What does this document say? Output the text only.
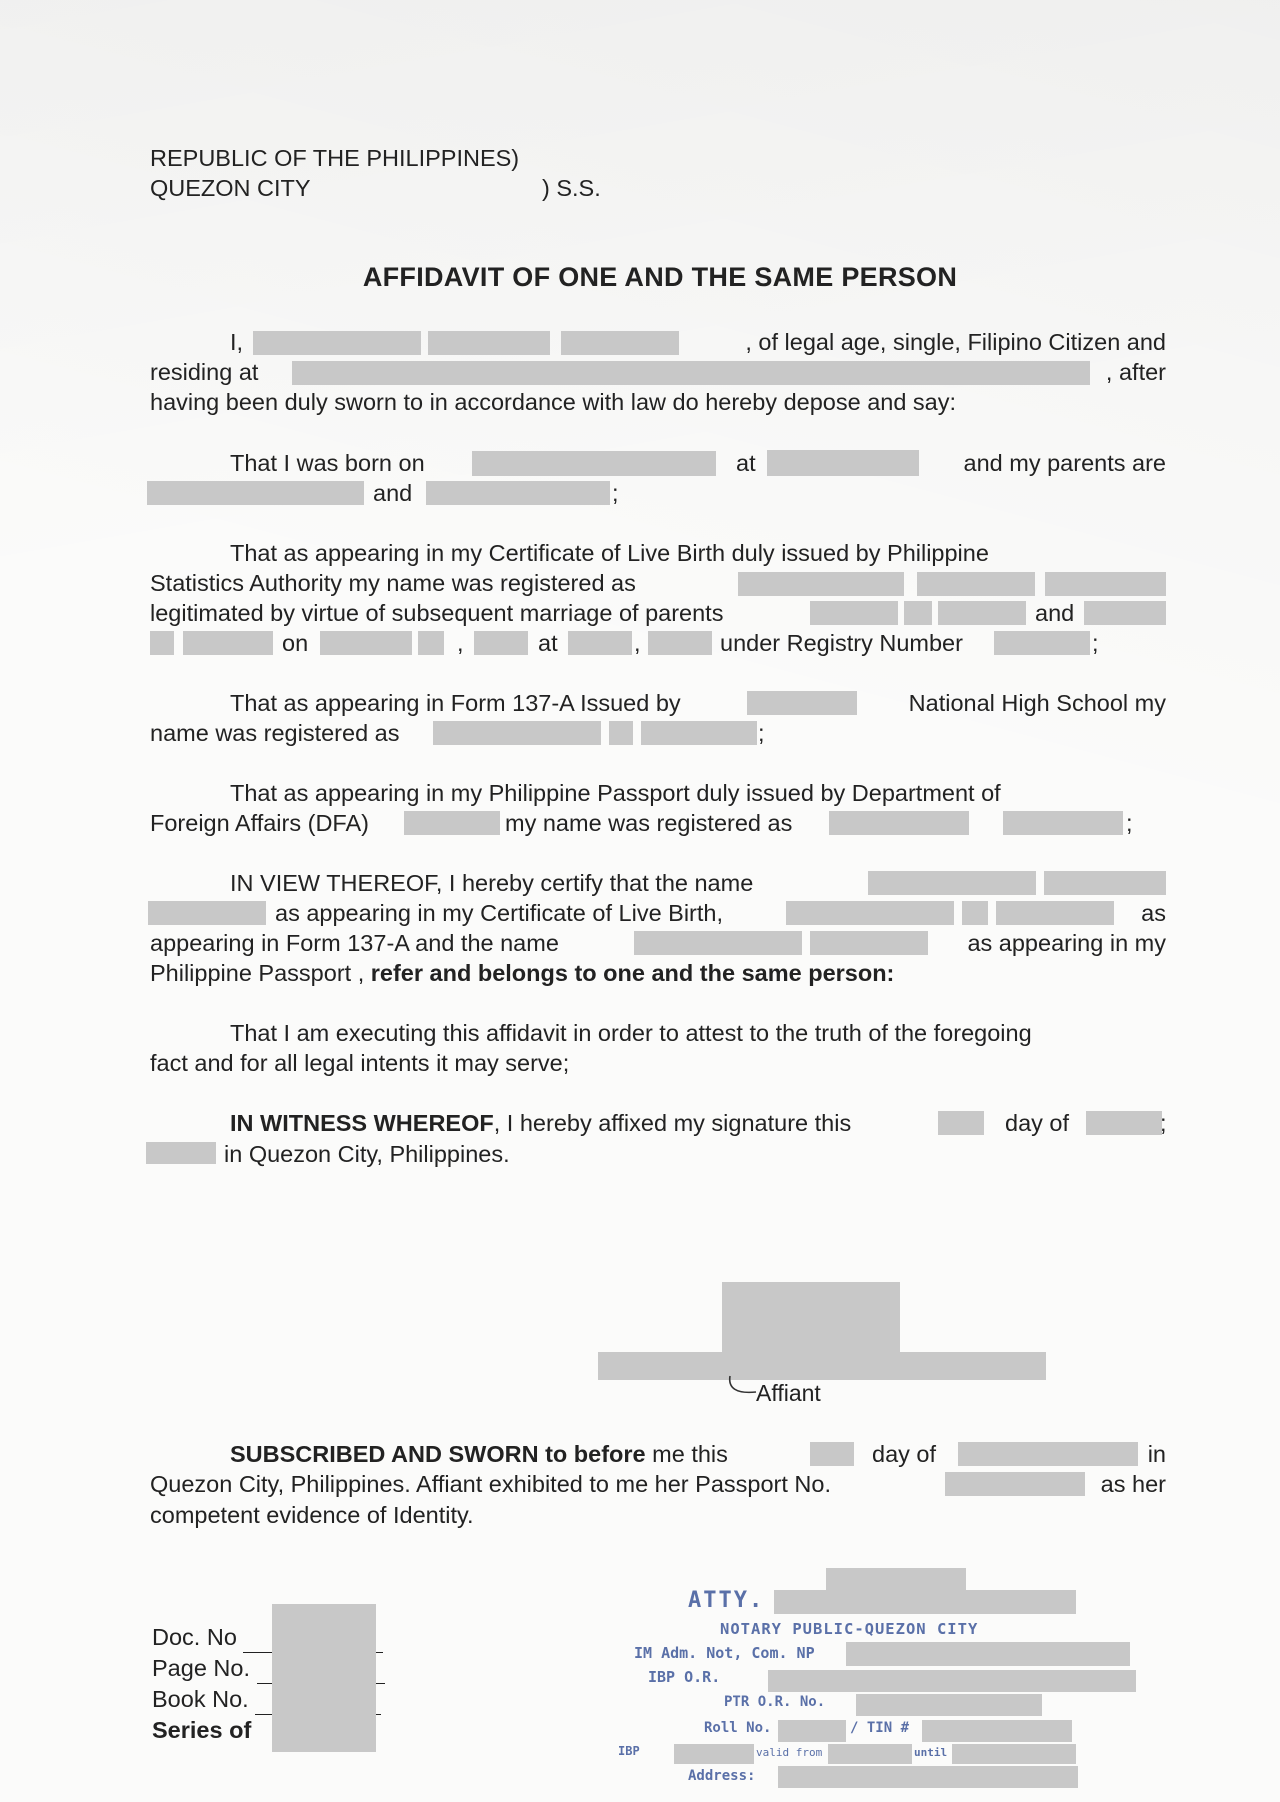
REPUBLIC OF THE PHILIPPINES)
QUEZON CITY	) S.S.
AFFIDAVIT OF ONE AND THE SAME PERSON
I,	, of legal age, single, Filipino Citizen and
residing at	, after
having been duly sworn to in accordance with law do hereby depose and say:
That I was born on	at	and my parents are
and	;
That as appearing in my Certificate of Live Birth duly issued by Philippine
Statistics Authority my name was registered as
legitimated by virtue of subsequent marriage of parents	and
on	,	at	,	under Registry Number	;
That as appearing in Form 137-A Issued by	National High School my
name was registered as	;
That as appearing in my Philippine Passport duly issued by Department of
Foreign Affairs (DFA)	my name was registered as	;
IN VIEW THEREOF, I hereby certify that the name
as appearing in my Certificate of Live Birth,	as
appearing in Form 137-A and the name	as appearing in my
Philippine Passport , refer and belongs to one and the same person:
That I am executing this affidavit in order to attest to the truth of the foregoing
fact and for all legal intents it may serve;
IN WITNESS WHEREOF, I hereby affixed my signature this	day of	;
in Quezon City, Philippines.
Affiant
SUBSCRIBED AND SWORN to before me this	day of	in
Quezon City, Philippines. Affiant exhibited to me her Passport No.	as her
competent evidence of Identity.
Doc. No
Page No.
Book No.
Series of
ATTY.
NOTARY PUBLIC-QUEZON CITY
IM Adm. Not, Com. NP
IBP O.R.
PTR O.R. No.
Roll No.	/ TIN #
IBP	valid from	until
Address:
